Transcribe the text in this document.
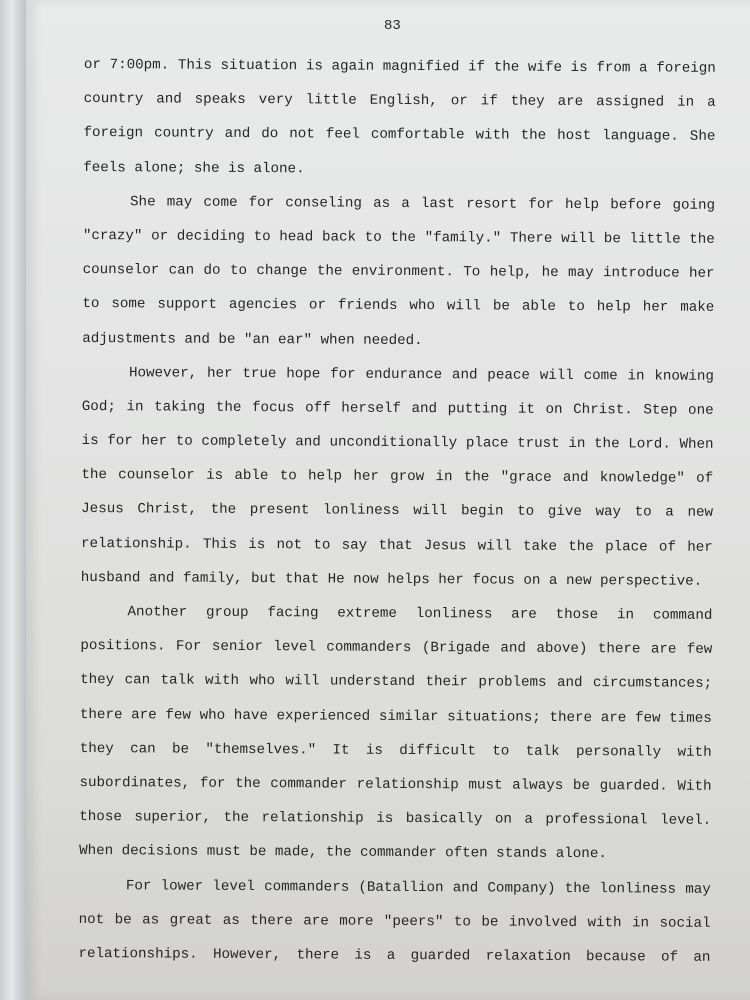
83
or 7:00pm. This situation is again magnified if the wife is from a foreign
country and speaks very little English, or if they are assigned in a
foreign country and do not feel comfortable with the host language. She
feels alone; she is alone.
She may come for conseling as a last resort for help before going
"crazy" or deciding to head back to the "family." There will be little the
counselor can do to change the environment. To help, he may introduce her
to some support agencies or friends who will be able to help her make
adjustments and be "an ear" when needed.
However, her true hope for endurance and peace will come in knowing
God; in taking the focus off herself and putting it on Christ. Step one
is for her to completely and unconditionally place trust in the Lord. When
the counselor is able to help her grow in the "grace and knowledge" of
Jesus Christ, the present lonliness will begin to give way to a new
relationship. This is not to say that Jesus will take the place of her
husband and family, but that He now helps her focus on a new perspective.
Another group facing extreme lonliness are those in command
positions. For senior level commanders (Brigade and above) there are few
they can talk with who will understand their problems and circumstances;
there are few who have experienced similar situations; there are few times
they can be "themselves." It is difficult to talk personally with
subordinates, for the commander relationship must always be guarded. With
those superior, the relationship is basically on a professional level.
When decisions must be made, the commander often stands alone.
For lower level commanders (Batallion and Company) the lonliness may
not be as great as there are more "peers" to be involved with in social
relationships. However, there is a guarded relaxation because of an
